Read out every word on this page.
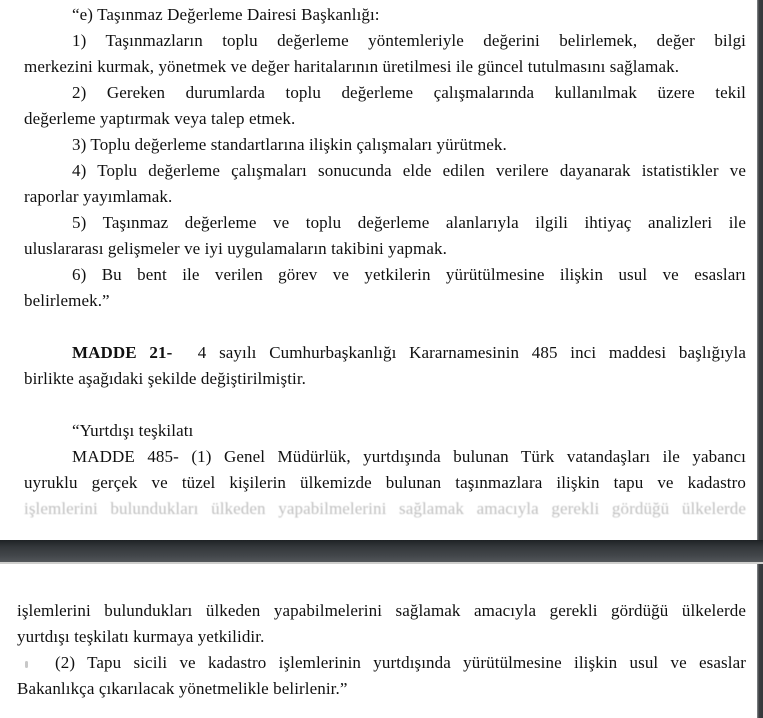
“e) Taşınmaz Değerleme Dairesi Başkanlığı:
1) Taşınmazların toplu değerleme yöntemleriyle değerini belirlemek, değer bilgi
merkezini kurmak, yönetmek ve değer haritalarının üretilmesi ile güncel tutulmasını sağlamak.
2) Gereken durumlarda toplu değerleme çalışmalarında kullanılmak üzere tekil
değerleme yaptırmak veya talep etmek.
3) Toplu değerleme standartlarına ilişkin çalışmaları yürütmek.
4) Toplu değerleme çalışmaları sonucunda elde edilen verilere dayanarak istatistikler ve
raporlar yayımlamak.
5) Taşınmaz değerleme ve toplu değerleme alanlarıyla ilgili ihtiyaç analizleri ile
uluslararası gelişmeler ve iyi uygulamaların takibini yapmak.
6) Bu bent ile verilen görev ve yetkilerin yürütülmesine ilişkin usul ve esasları
belirlemek.”
MADDE 21-  4 sayılı Cumhurbaşkanlığı Kararnamesinin 485 inci maddesi başlığıyla
birlikte aşağıdaki şekilde değiştirilmiştir.
“Yurtdışı teşkilatı
MADDE 485- (1) Genel Müdürlük, yurtdışında bulunan Türk vatandaşları ile yabancı
uyruklu gerçek ve tüzel kişilerin ülkemizde bulunan taşınmazlara ilişkin tapu ve kadastro
işlemlerini bulundukları ülkeden yapabilmelerini sağlamak amacıyla gerekli gördüğü ülkelerde
işlemlerini bulundukları ülkeden yapabilmelerini sağlamak amacıyla gerekli gördüğü ülkelerde
yurtdışı teşkilatı kurmaya yetkilidir.
(2) Tapu sicili ve kadastro işlemlerinin yurtdışında yürütülmesine ilişkin usul ve esaslar
Bakanlıkça çıkarılacak yönetmelikle belirlenir.”
